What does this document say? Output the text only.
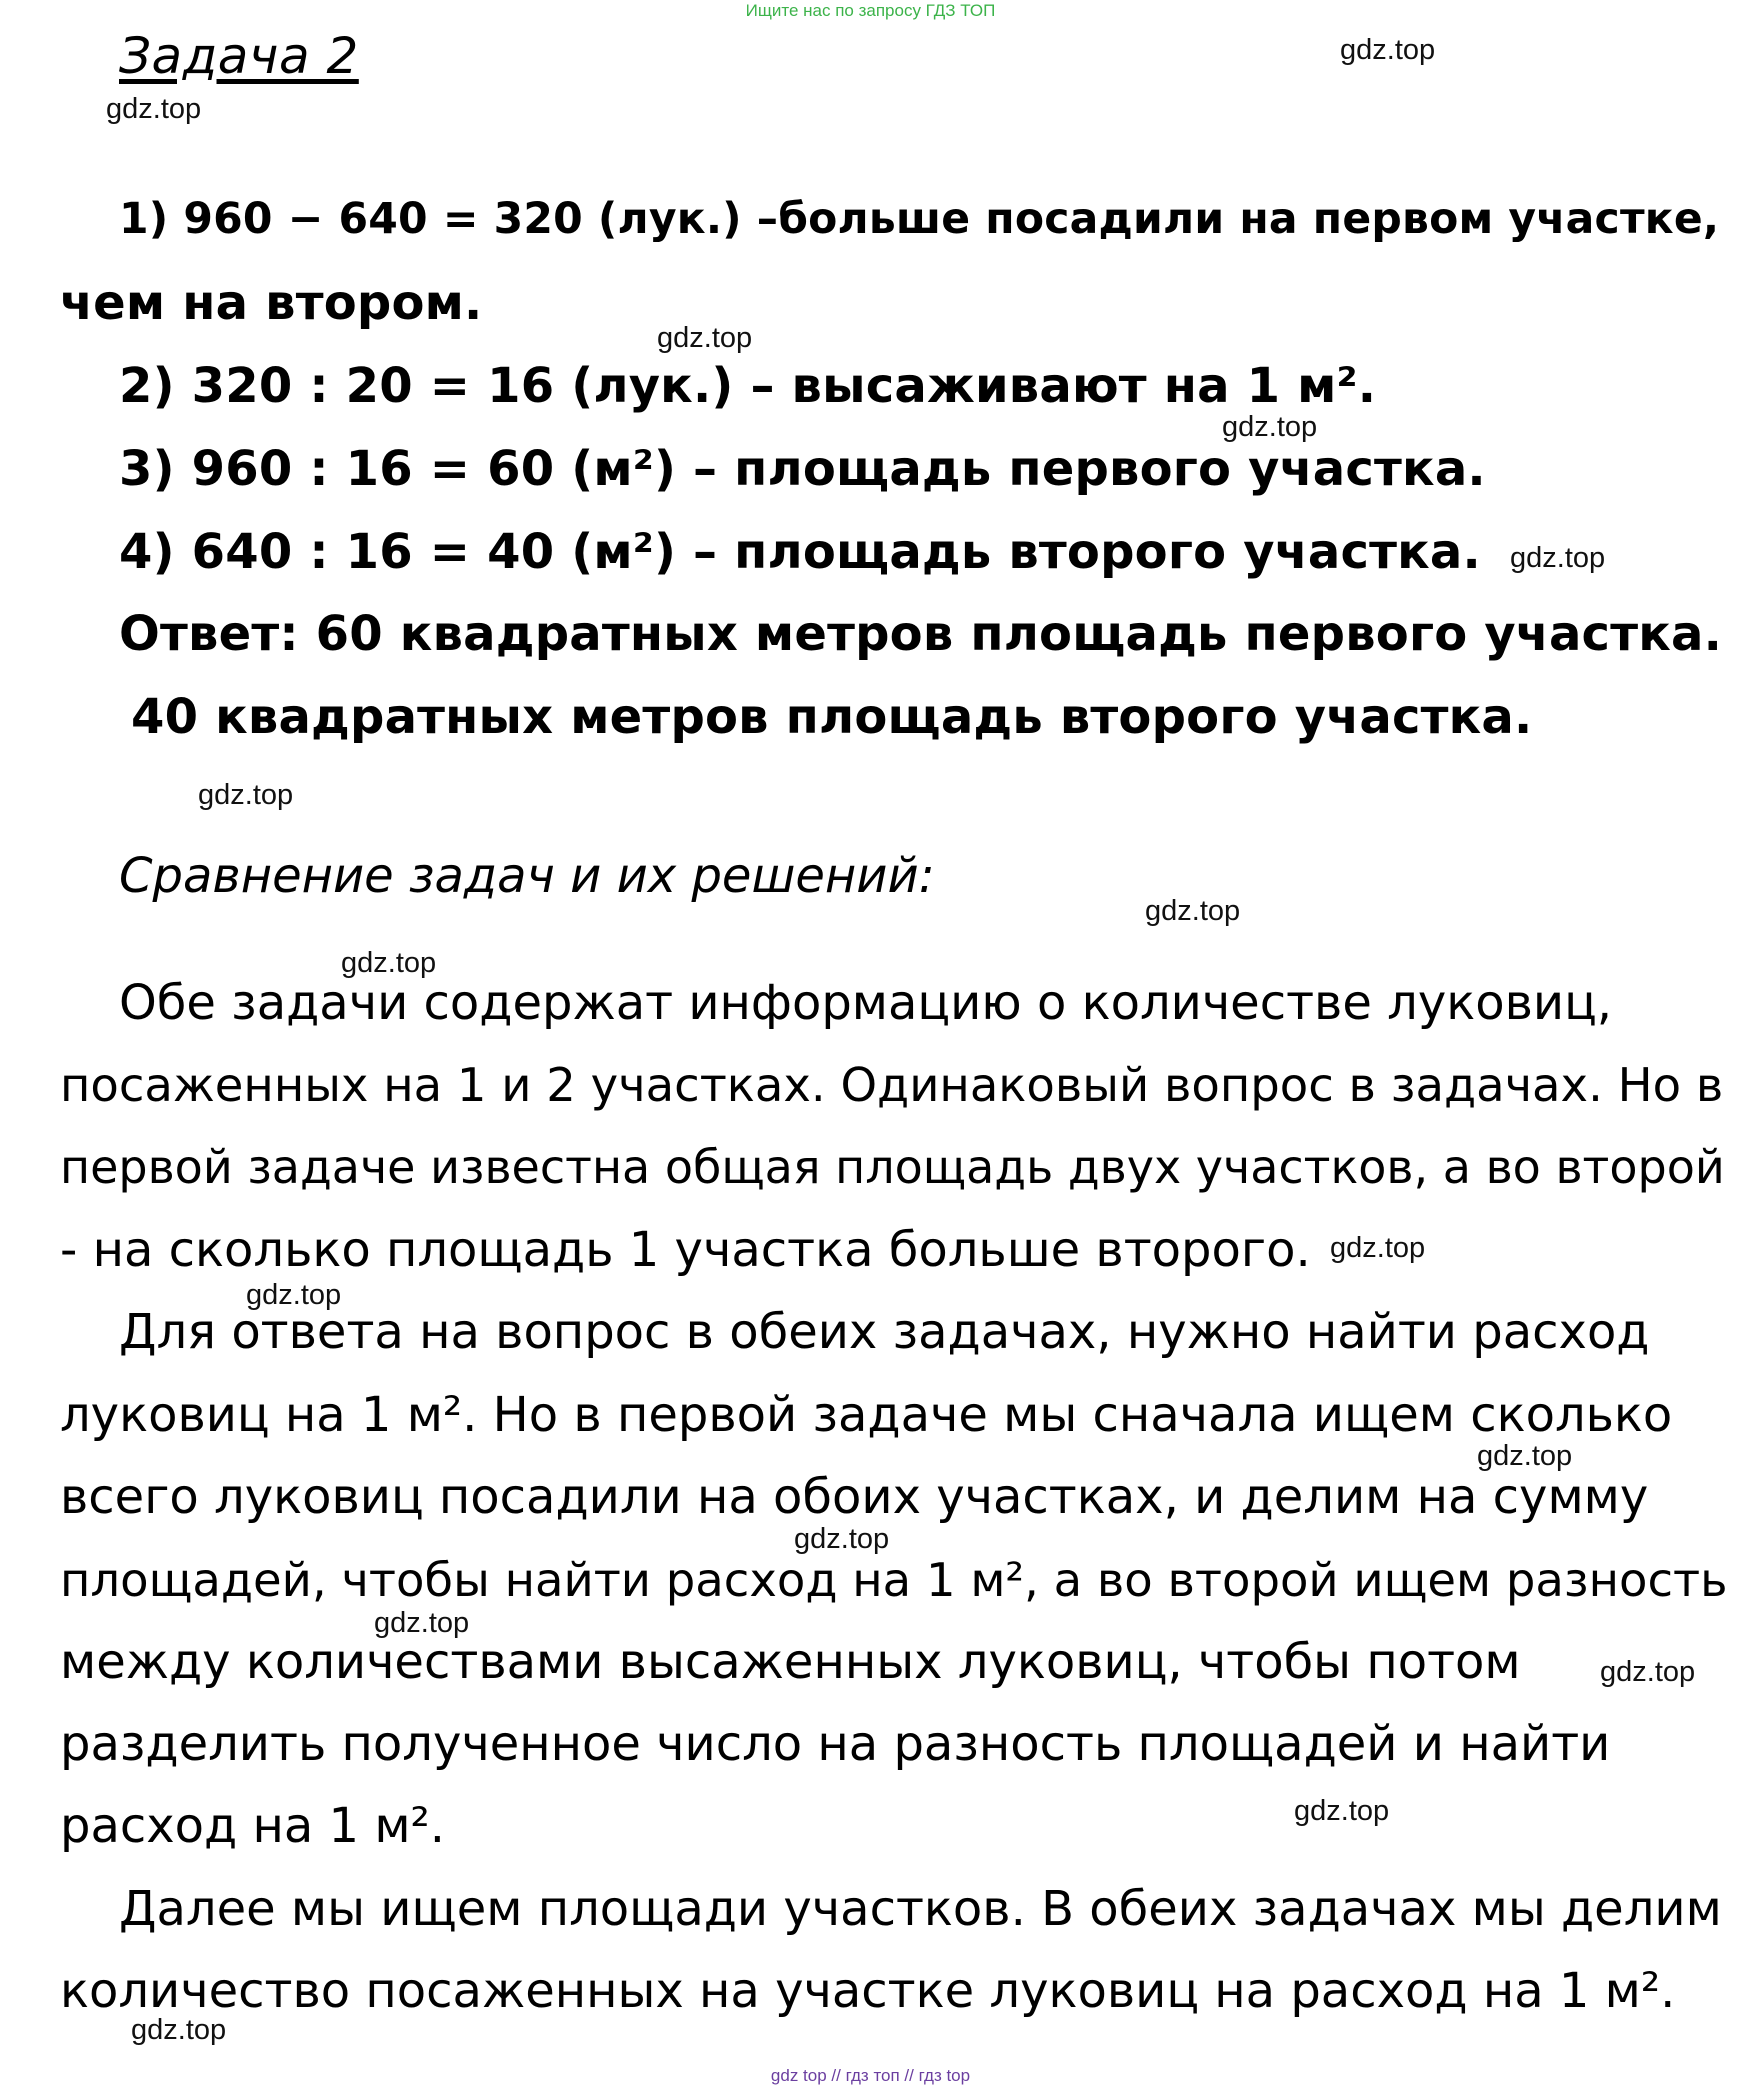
Ищите нас по запросу ГДЗ ТОП
Задача 2	gdz.top
gdz.top
gdz.top
gdz.top
gdz.top
gdz.top
gdz.top
gdz.top
gdz.top
gdz.top
gdz.top
gdz.top
gdz.top
gdz.top
gdz.top
gdz.top
1) 960 − 640 = 320 (лук.) –больше посадили на первом участке,
чем на втором.
2) 320 : 20 = 16 (лук.) – высаживают на 1 м².
3) 960 : 16 = 60 (м²) – площадь первого участка.
4) 640 : 16 = 40 (м²) – площадь второго участка.
Ответ: 60 квадратных метров площадь первого участка.
40 квадратных метров площадь второго участка.
Сравнение задач и их решений:
Обе задачи содержат информацию о количестве луковиц,
посаженных на 1 и 2 участках. Одинаковый вопрос в задачах. Но в
первой задаче известна общая площадь двух участков, а во второй
- на сколько площадь 1 участка больше второго.
Для ответа на вопрос в обеих задачах, нужно найти расход
луковиц на 1 м². Но в первой задаче мы сначала ищем сколько
всего луковиц посадили на обоих участках, и делим на сумму
площадей, чтобы найти расход на 1 м², а во второй ищем разность
между количествами высаженных луковиц, чтобы потом
разделить полученное число на разность площадей и найти
расход на 1 м².
Далее мы ищем площади участков. В обеих задачах мы делим
количество посаженных на участке луковиц на расход на 1 м².
gdz top // гдз топ // гдз top
